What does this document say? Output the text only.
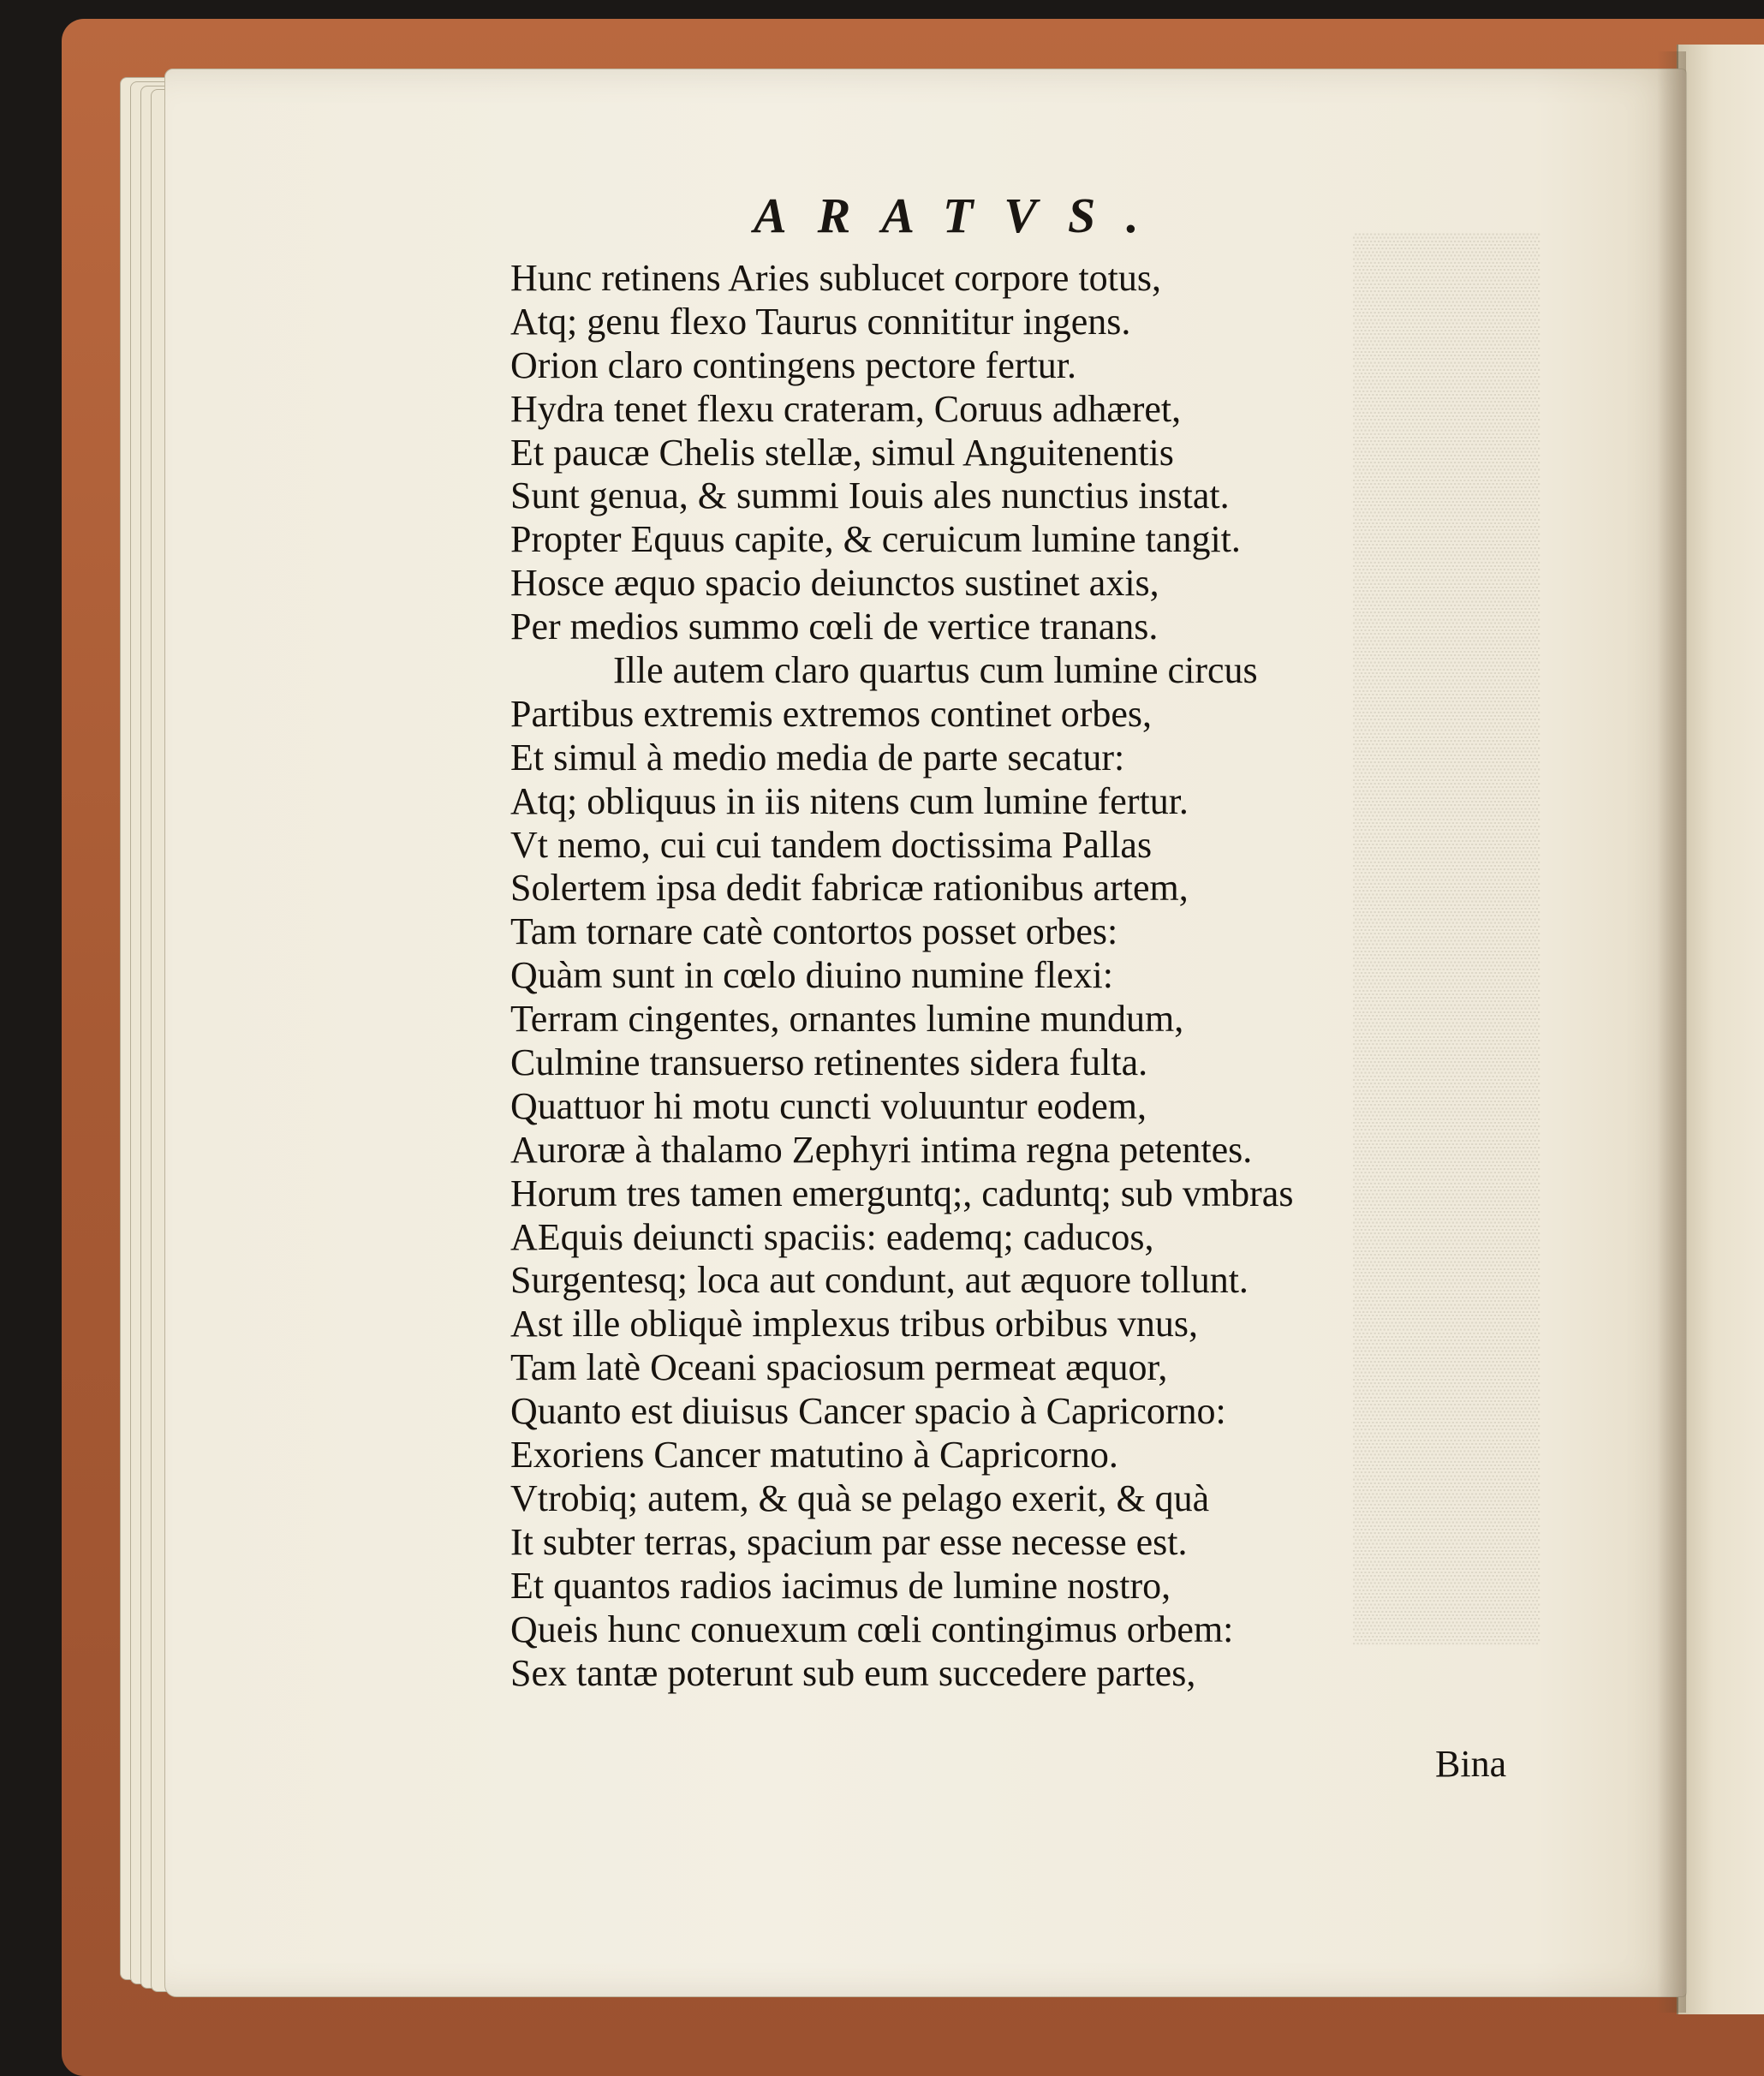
▒▒▒▒▒▒▒
▒▒▒▒▒▒▒
▒▒▒▒▒▒▒
▒▒▒▒▒▒▒
▒▒▒▒▒▒▒
▒▒▒▒▒▒▒
▒▒▒▒▒▒▒
▒▒▒▒▒▒▒
▒▒▒▒▒▒▒
▒▒▒▒▒▒▒
▒▒▒▒▒▒▒
▒▒▒▒▒▒▒
▒▒▒▒▒▒▒
▒▒▒▒▒▒▒
▒▒▒▒▒▒▒
▒▒▒▒▒▒▒
▒▒▒▒▒▒▒
▒▒▒▒▒▒▒
▒▒▒▒▒▒▒
▒▒▒▒▒▒▒
▒▒▒▒▒▒▒
▒▒▒▒▒▒▒
▒▒▒▒▒▒▒
▒▒▒▒▒▒▒
▒▒▒▒▒▒▒
▒▒▒▒▒▒▒
▒▒▒▒▒▒▒
▒▒▒▒▒▒▒
▒▒▒▒▒▒▒
▒▒▒▒▒▒▒
▒▒▒▒▒▒▒
▒▒▒▒▒▒▒
▒▒▒▒▒▒▒
ARATVS.
Hunc retinens Aries sublucet corpore totus,
Atq; genu flexo Taurus connititur ingens.
Orion claro contingens pectore fertur.
Hydra tenet flexu crateram, Coruus adhæret,
Et paucæ Chelis stellæ, simul Anguitenentis
Sunt genua, & summi Iouis ales nunctius instat.
Propter Equus capite, & ceruicum lumine tangit.
Hosce æquo spacio deiunctos sustinet axis,
Per medios summo cœli de vertice tranans.
Ille autem claro quartus cum lumine circus
Partibus extremis extremos continet orbes,
Et simul à medio media de parte secatur:
Atq; obliquus in iis nitens cum lumine fertur.
Vt nemo, cui cui tandem doctissima Pallas
Solertem ipsa dedit fabricæ rationibus artem,
Tam tornare catè contortos posset orbes:
Quàm sunt in cœlo diuino numine flexi:
Terram cingentes, ornantes lumine mundum,
Culmine transuerso retinentes sidera fulta.
Quattuor hi motu cuncti voluuntur eodem,
Auroræ à thalamo Zephyri intima regna petentes.
Horum tres tamen emerguntq;, caduntq; sub vmbras
AEquis deiuncti spaciis: eademq; caducos,
Surgentesq; loca aut condunt, aut æquore tollunt.
Ast ille obliquè implexus tribus orbibus vnus,
Tam latè Oceani spaciosum permeat æquor,
Quanto est diuisus Cancer spacio à Capricorno:
Exoriens Cancer matutino à Capricorno.
Vtrobiq; autem, & quà se pelago exerit, & quà
It subter terras, spacium par esse necesse est.
Et quantos radios iacimus de lumine nostro,
Queis hunc conuexum cœli contingimus orbem:
Sex tantæ poterunt sub eum succedere partes,
Bina
